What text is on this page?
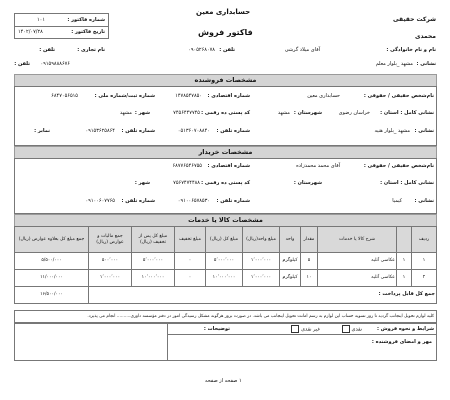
شرکت حقیقی
محمدی
حسابداری معین
فاکتور فروش
شماره فاکتور :
۱۰۱
تاریخ فاکتور :
۱۴۰۲/۰۷/۲۸
نام و نام خانوادگی :
آقای میلاد گرشی
تلفن :
۰۹۰۵۲۶۸۰۷۸
نام تجاری :
تلفن :
نشانی :
مشهد _بلوار معلم
۰۹۱۵۹۸۸۸۶۷۶
تلفن :
مشخصات فروشنده
نام‌شخص حقیقی / حقوقی :
حسابداری معین
شماره اقتصادی :
۱۴۷۸۵۴۷۸۵۰
شماره ثبت/شماره ملی :
۶۸۴۷۰۵۶۵۱۵
نشانی کامل : استان :
خراسان رضوی
شهرستان :
مشهد
کد پستی ده رقمی :
۷۴۵۶۴۴۷۷۴۵
شهر :
مشهد
نشانی :
مشهد _بلوار هنیه
شماره تلفن :
۰۵۱۳۶۰۷۰۸۸۴۰
شماره تلفن :
۰۹۱۵۳۶۲۵۸۶۴
نمابر :
مشخصات خریدار
نام‌شخص حقیقی / حقوقی :
آقای محمد محمدزاده
شماره اقتصادی :
۶۸۷۷۶۵۴۶۷۵۵
نشانی کامل : استان :
شهرستان :
کد پستی ده رقمی :
۷۵۶۷۴۷۴۴۸۸
شهر :
نشانی :
کیمیا
شماره تلفن :
۰۹۱۰۰۶۵۷۸۵۳۰
شماره تلفن :
۰۹۱۰۰۶۰۷۷۶۵
مشخصات کالا یا خدمات
ردیف		شرح کالا یا خدمات	مقدار	واحد	مبلغ واحد(ریال)	مبلغ کل (ریال)	مبلغ تخفیف	مبلغ کل پس از تخفیف (ریال)	جمع مالیات و عوارض (ریال)	جمع مبلغ کل بعلاوه عوارض (ریال)
۱	۱	عکاسی آتلیه	۵	کیلوگرم	۱٬۰۰۰٬۰۰۰	۵٬۰۰۰٬۰۰۰	۰	۵٬۰۰۰٬۰۰۰	۵۰۰٬۰۰۰	۵/۵۰۰/۰۰۰
۲	۱	عکاسی آتلیه	۱۰	کیلوگرم	۱٬۰۰۰٬۰۰۰	۱۰٬۰۰۰٬۰۰۰	۰	۱۰٬۰۰۰٬۰۰۰	۱٬۰۰۰٬۰۰۰	۱۱/۰۰۰/۰۰۰
جمع کل قابل پرداخت :										۱۶/۵۰۰/۰۰۰
کلیه لوازم تحویل اینجانب گردید تا روز تسویه حساب این لوازم به رسم امانت تحویل اینجانب می باشد. در صورت بروز هرگونه مشکل رسیدگی امور در دفتر مؤسسه داوری.......... انجام می پذیرد.
شرایط و نحوه فروش :
نقدی
غیر نقدی
توضیحات :
مهر و امضای فروشنده :
۱ صفحه از صفحه
